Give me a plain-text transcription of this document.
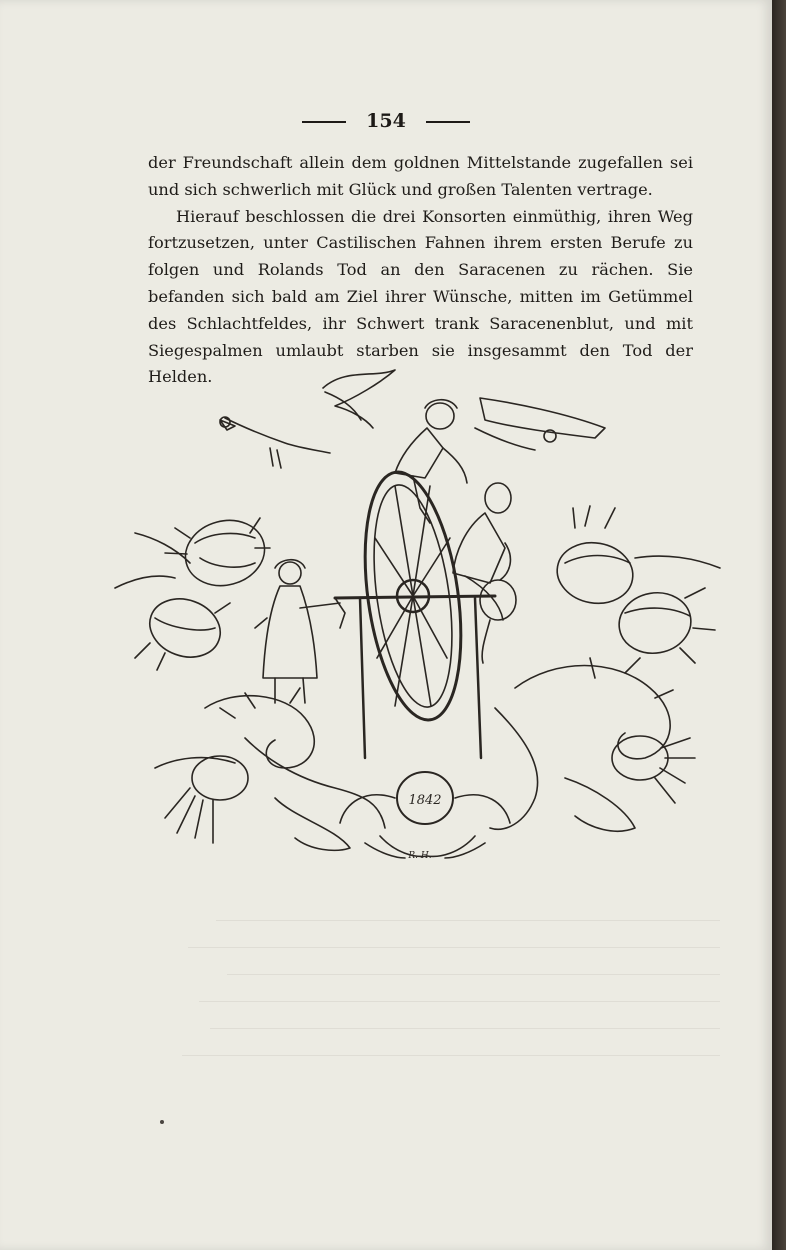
154

der Freundschaft allein dem goldnen Mittelstande zugefallen sei und sich schwerlich mit Glück und großen Talenten vertrage.

Hierauf beschlossen die drei Konsorten einmüthig, ihren Weg fortzusetzen, unter Castilischen Fahnen ihrem ersten Berufe zu folgen und Rolands Tod an den Saracenen zu rächen. Sie befanden sich bald am Ziel ihrer Wünsche, mitten im Getümmel des Schlachtfeldes, ihr Schwert trank Saracenenblut, und mit Siegespalmen umlaubt starben sie insgesammt den Tod der Helden.

1842
R. H.
